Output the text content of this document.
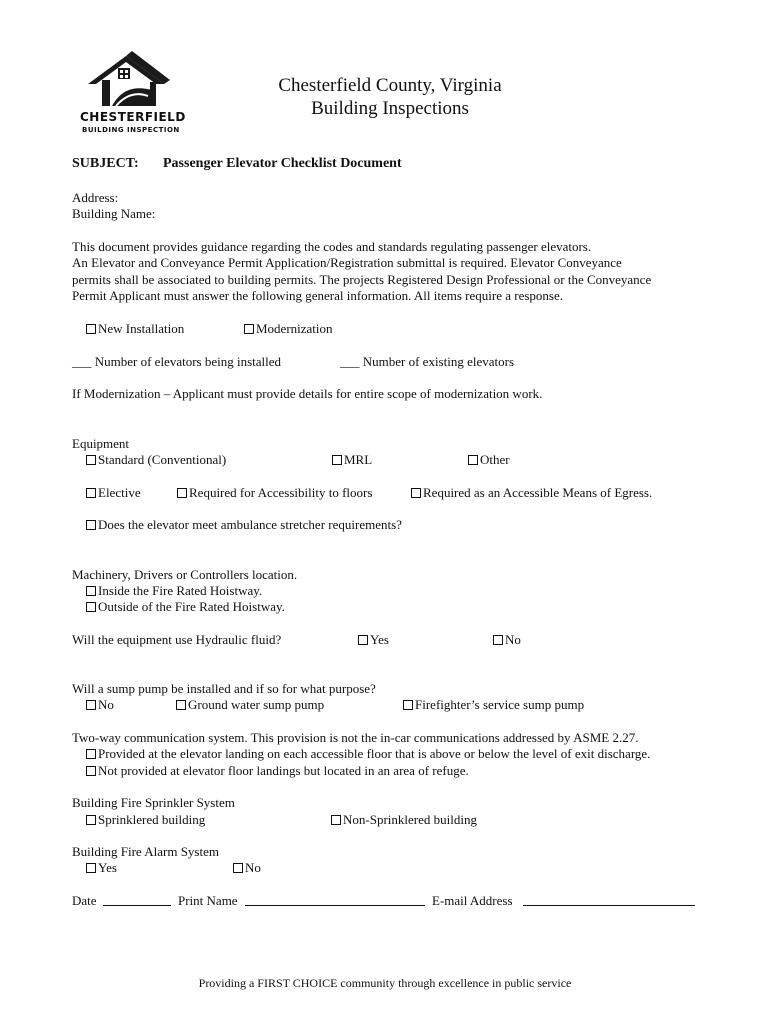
CHESTERFIELD
BUILDING INSPECTION
Chesterfield County, Virginia
Building Inspections
SUBJECT: Passenger Elevator Checklist Document
Address:
Building Name:
This document provides guidance regarding the codes and standards regulating passenger elevators.
An Elevator and Conveyance Permit Application/Registration submittal is required. Elevator Conveyance
permits shall be associated to building permits. The projects Registered Design Professional or the Conveyance
Permit Applicant must answer the following general information. All items require a response.
New Installation	Modernization
___ Number of elevators being installed	___ Number of existing elevators
If Modernization – Applicant must provide details for entire scope of modernization work.
Equipment
Standard (Conventional)	MRL	Other
Elective	Required for Accessibility to floors	Required as an Accessible Means of Egress.
Does the elevator meet ambulance stretcher requirements?
Machinery, Drivers or Controllers location.
Inside the Fire Rated Hoistway.
Outside of the Fire Rated Hoistway.
Will the equipment use Hydraulic fluid?	Yes	No
Will a sump pump be installed and if so for what purpose?
No	Ground water sump pump	Firefighter’s service sump pump
Two-way communication system. This provision is not the in-car communications addressed by ASME 2.27.
Provided at the elevator landing on each accessible floor that is above or below the level of exit discharge.
Not provided at elevator floor landings but located in an area of refuge.
Building Fire Sprinkler System
Sprinklered building	Non-Sprinklered building
Building Fire Alarm System
Yes	No
Date	Print Name	E-mail Address
Providing a FIRST CHOICE community through excellence in public service
